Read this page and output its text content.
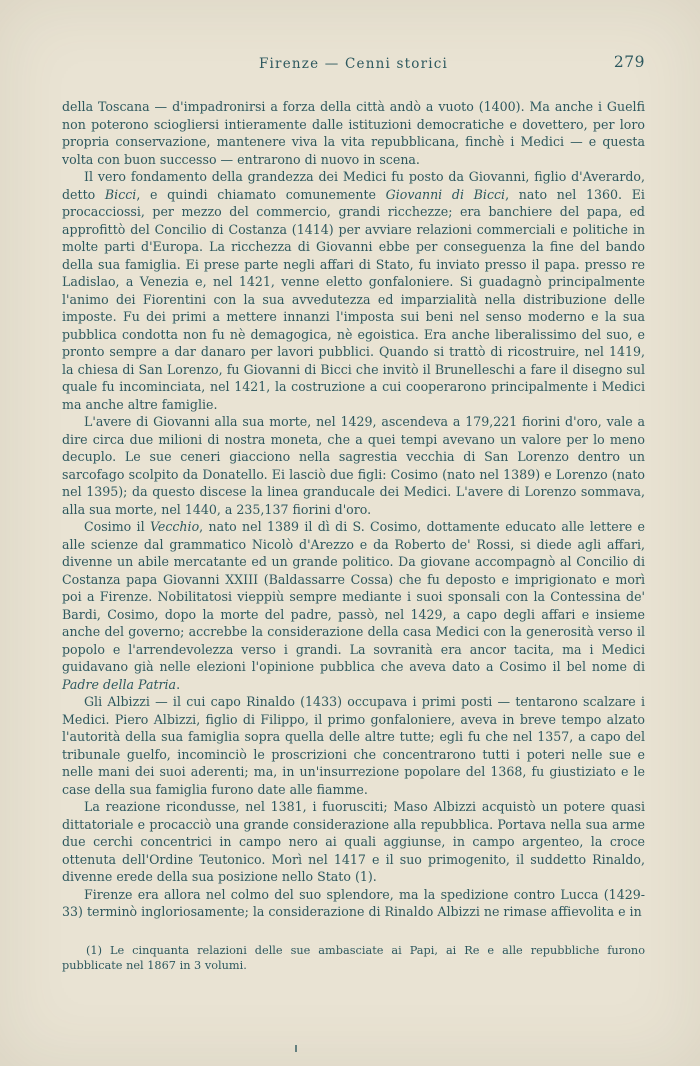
Firenze — Cenni storici	279

della Toscana — d'impadronirsi a forza della città andò a vuoto (1400). Ma anche i Guelfi non poterono sciogliersi intieramente dalle istituzioni democratiche e dovettero, per loro propria conservazione, mantenere viva la vita repubblicana, finchè i Medici — e questa volta con buon successo — entrarono di nuovo in scena.

Il vero fondamento della grandezza dei Medici fu posto da Giovanni, figlio d'Averardo, detto Bicci, e quindi chiamato comunemente Giovanni di Bicci, nato nel 1360. Ei procacciossi, per mezzo del commercio, grandi ricchezze; era banchiere del papa, ed approfittò del Concilio di Costanza (1414) per avviare relazioni commerciali e politiche in molte parti d'Europa. La ricchezza di Giovanni ebbe per conseguenza la fine del bando della sua famiglia. Ei prese parte negli affari di Stato, fu inviato presso il papa. presso re Ladislao, a Venezia e, nel 1421, venne eletto gonfaloniere. Si guadagnò principalmente l'animo dei Fiorentini con la sua avvedutezza ed imparzialità nella distribuzione delle imposte. Fu dei primi a mettere innanzi l'imposta sui beni nel senso moderno e la sua pubblica condotta non fu nè demagogica, nè egoistica. Era anche liberalissimo del suo, e pronto sempre a dar danaro per lavori pubblici. Quando si trattò di ricostruire, nel 1419, la chiesa di San Lorenzo, fu Giovanni di Bicci che invitò il Brunelleschi a fare il disegno sul quale fu incominciata, nel 1421, la costruzione a cui cooperarono principalmente i Medici ma anche altre famiglie.

L'avere di Giovanni alla sua morte, nel 1429, ascendeva a 179,221 fiorini d'oro, vale a dire circa due milioni di nostra moneta, che a quei tempi avevano un valore per lo meno decuplo. Le sue ceneri giacciono nella sagrestia vecchia di San Lorenzo dentro un sarcofago scolpito da Donatello. Ei lasciò due figli: Cosimo (nato nel 1389) e Lorenzo (nato nel 1395); da questo discese la linea granducale dei Medici. L'avere di Lorenzo sommava, alla sua morte, nel 1440, a 235,137 fiorini d'oro.

Cosimo il Vecchio, nato nel 1389 il dì di S. Cosimo, dottamente educato alle lettere e alle scienze dal grammatico Nicolò d'Arezzo e da Roberto de' Rossi, si diede agli affari, divenne un abile mercatante ed un grande politico. Da giovane accompagnò al Concilio di Costanza papa Giovanni XXIII (Baldassarre Cossa) che fu deposto e imprigionato e morì poi a Firenze. Nobilitatosi vieppiù sempre mediante i suoi sponsali con la Contessina de' Bardi, Cosimo, dopo la morte del padre, passò, nel 1429, a capo degli affari e insieme anche del governo; accrebbe la considerazione della casa Medici con la generosità verso il popolo e l'arrendevolezza verso i grandi. La sovranità era ancor tacita, ma i Medici guidavano già nelle elezioni l'opinione pubblica che aveva dato a Cosimo il bel nome di Padre della Patria.

Gli Albizzi — il cui capo Rinaldo (1433) occupava i primi posti — tentarono scalzare i Medici. Piero Albizzi, figlio di Filippo, il primo gonfaloniere, aveva in breve tempo alzato l'autorità della sua famiglia sopra quella delle altre tutte; egli fu che nel 1357, a capo del tribunale guelfo, incominciò le proscrizioni che concentrarono tutti i poteri nelle sue e nelle mani dei suoi aderenti; ma, in un'insurrezione popolare del 1368, fu giustiziato e le case della sua famiglia furono date alle fiamme.

La reazione ricondusse, nel 1381, i fuorusciti; Maso Albizzi acquistò un potere quasi dittatoriale e procacciò una grande considerazione alla repubblica. Portava nella sua arme due cerchi concentrici in campo nero ai quali aggiunse, in campo argenteo, la croce ottenuta dell'Ordine Teutonico. Morì nel 1417 e il suo primogenito, il suddetto Rinaldo, divenne erede della sua posizione nello Stato (1).

Firenze era allora nel colmo del suo splendore, ma la spedizione contro Lucca (1429-33) terminò ingloriosamente; la considerazione di Rinaldo Albizzi ne rimase affievolita e in

(1) Le cinquanta relazioni delle sue ambasciate ai Papi, ai Re e alle repubbliche furono pubblicate nel 1867 in 3 volumi.
